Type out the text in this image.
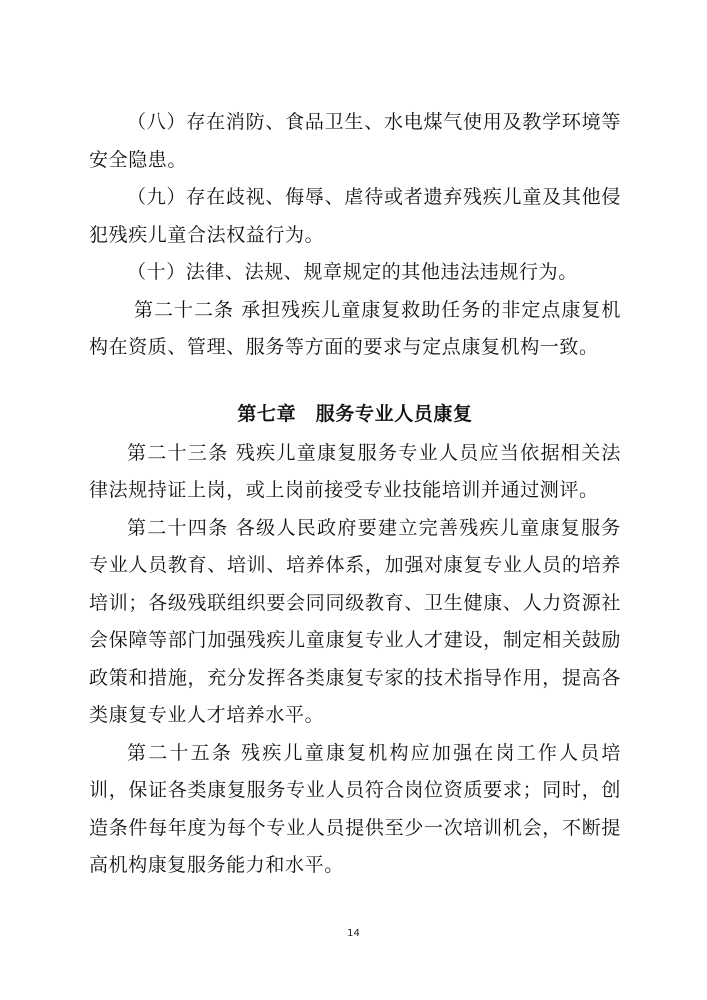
（八）存在消防、食品卫生、水电煤气使用及教学环境等安全隐患。

（九）存在歧视、侮辱、虐待或者遗弃残疾儿童及其他侵犯残疾儿童合法权益行为。

（十）法律、法规、规章规定的其他违法违规行为。

第二十二条 承担残疾儿童康复救助任务的非定点康复机构在资质、管理、服务等方面的要求与定点康复机构一致。

第七章　服务专业人员康复

第二十三条 残疾儿童康复服务专业人员应当依据相关法律法规持证上岗，或上岗前接受专业技能培训并通过测评。

第二十四条 各级人民政府要建立完善残疾儿童康复服务专业人员教育、培训、培养体系，加强对康复专业人员的培养培训；各级残联组织要会同同级教育、卫生健康、人力资源社会保障等部门加强残疾儿童康复专业人才建设，制定相关鼓励政策和措施，充分发挥各类康复专家的技术指导作用，提高各类康复专业人才培养水平。

第二十五条 残疾儿童康复机构应加强在岗工作人员培训，保证各类康复服务专业人员符合岗位资质要求；同时，创造条件每年度为每个专业人员提供至少一次培训机会，不断提高机构康复服务能力和水平。

14
